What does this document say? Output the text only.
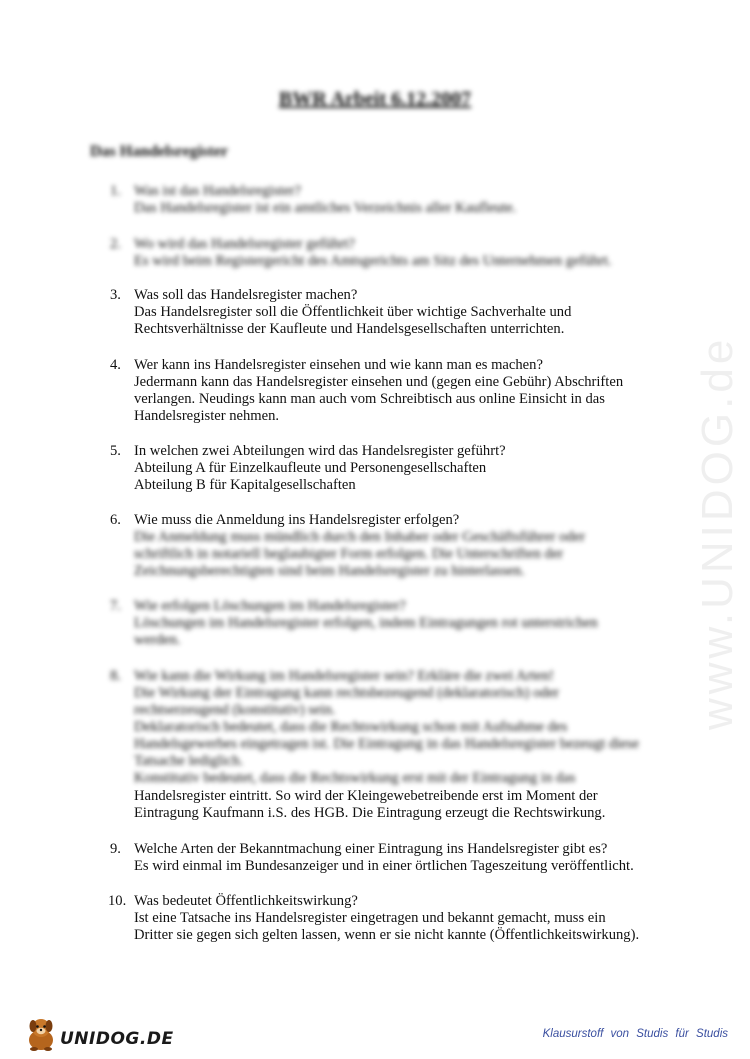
www.UNIDOG.de
BWR Arbeit 6.12.2007
Das Handelsregister
1. Was ist das Handelsregister?
Das Handelsregister ist ein amtliches Verzeichnis aller Kaufleute.
2. Wo wird das Handelsregister geführt?
Es wird beim Registergericht des Amtsgerichts am Sitz des Unternehmen geführt.
3. Was soll das Handelsregister machen?
Das Handelsregister soll die Öffentlichkeit über wichtige Sachverhalte und
Rechtsverhältnisse der Kaufleute und Handelsgesellschaften unterrichten.
4. Wer kann ins Handelsregister einsehen und wie kann man es machen?
Jedermann kann das Handelsregister einsehen und (gegen eine Gebühr) Abschriften
verlangen. Neudings kann man auch vom Schreibtisch aus online Einsicht in das
Handelsregister nehmen.
5. In welchen zwei Abteilungen wird das Handelsregister geführt?
Abteilung A für Einzelkaufleute und Personengesellschaften
Abteilung B für Kapitalgesellschaften
6. Wie muss die Anmeldung ins Handelsregister erfolgen?
Die Anmeldung muss mündlich durch den Inhaber oder Geschäftsführer oder
schriftlich in notariell beglaubigter Form erfolgen. Die Unterschriften der
Zeichnungsberechtigten sind beim Handelsregister zu hinterlassen.
7. Wie erfolgen Löschungen im Handelsregister?
Löschungen im Handelsregister erfolgen, indem Eintragungen rot unterstrichen
werden.
8. Wie kann die Wirkung im Handelsregister sein? Erkläre die zwei Arten!
Die Wirkung der Eintragung kann rechtsbezeugend (deklaratorisch) oder
rechtserzeugend (konstitutiv) sein.
Deklaratorisch bedeutet, dass die Rechtswirkung schon mit Aufnahme des
Handelsgewerbes eingetragen ist. Die Eintragung in das Handelsregister bezeugt diese
Tatsache lediglich.
Konstitutiv bedeutet, dass die Rechtswirkung erst mit der Eintragung in das
Handelsregister eintritt. So wird der Kleingewebetreibende erst im Moment der
Eintragung Kaufmann i.S. des HGB. Die Eintragung erzeugt die Rechtswirkung.
9. Welche Arten der Bekanntmachung einer Eintragung ins Handelsregister gibt es?
Es wird einmal im Bundesanzeiger und in einer örtlichen Tageszeitung veröffentlicht.
10. Was bedeutet Öffentlichkeitswirkung?
Ist eine Tatsache ins Handelsregister eingetragen und bekannt gemacht, muss ein
Dritter sie gegen sich gelten lassen, wenn er sie nicht kannte (Öffentlichkeitswirkung).
UNIDOG.DE	Klausurstoff von Studis für Studis
